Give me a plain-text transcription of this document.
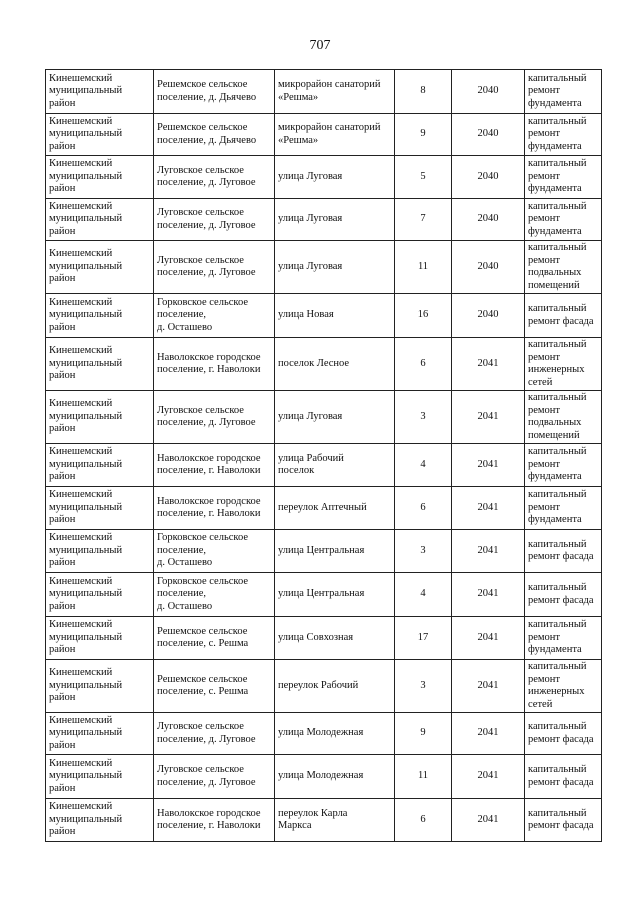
707
Кинешемский
муниципальный
район	Решемское сельское
поселение, д. Дьячево	микрорайон санаторий
«Решма»	8	2040	капитальный
ремонт
фундамента

Кинешемский
муниципальный
район	Решемское сельское
поселение, д. Дьячево	микрорайон санаторий
«Решма»	9	2040	капитальный
ремонт
фундамента

Кинешемский
муниципальный
район	Луговское сельское
поселение, д. Луговое	улица Луговая	5	2040	капитальный
ремонт
фундамента

Кинешемский
муниципальный
район	Луговское сельское
поселение, д. Луговое	улица Луговая	7	2040	капитальный
ремонт
фундамента

Кинешемский
муниципальный
район	Луговское сельское
поселение, д. Луговое	улица Луговая	11	2040	капитальный
ремонт
подвальных
помещений

Кинешемский
муниципальный
район	Горковское сельское
поселение,
д. Осташево	улица Новая	16	2040	капитальный
ремонт фасада

Кинешемский
муниципальный
район	Наволокское городское
поселение, г. Наволоки	поселок Лесное	6	2041	капитальный
ремонт
инженерных
сетей

Кинешемский
муниципальный
район	Луговское сельское
поселение, д. Луговое	улица Луговая	3	2041	капитальный
ремонт
подвальных
помещений

Кинешемский
муниципальный
район	Наволокское городское
поселение, г. Наволоки	улица Рабочий
поселок	4	2041	капитальный
ремонт
фундамента

Кинешемский
муниципальный
район	Наволокское городское
поселение, г. Наволоки	переулок Аптечный	6	2041	капитальный
ремонт
фундамента

Кинешемский
муниципальный
район	Горковское сельское
поселение,
д. Осташево	улица Центральная	3	2041	капитальный
ремонт фасада

Кинешемский
муниципальный
район	Горковское сельское
поселение,
д. Осташево	улица Центральная	4	2041	капитальный
ремонт фасада

Кинешемский
муниципальный
район	Решемское сельское
поселение, с. Решма	улица Совхозная	17	2041	капитальный
ремонт
фундамента

Кинешемский
муниципальный
район	Решемское сельское
поселение, с. Решма	переулок Рабочий	3	2041	капитальный
ремонт
инженерных
сетей

Кинешемский
муниципальный
район	Луговское сельское
поселение, д. Луговое	улица Молодежная	9	2041	капитальный
ремонт фасада

Кинешемский
муниципальный
район	Луговское сельское
поселение, д. Луговое	улица Молодежная	11	2041	капитальный
ремонт фасада

Кинешемский
муниципальный
район	Наволокское городское
поселение, г. Наволоки	переулок Карла
Маркса	6	2041	капитальный
ремонт фасада
